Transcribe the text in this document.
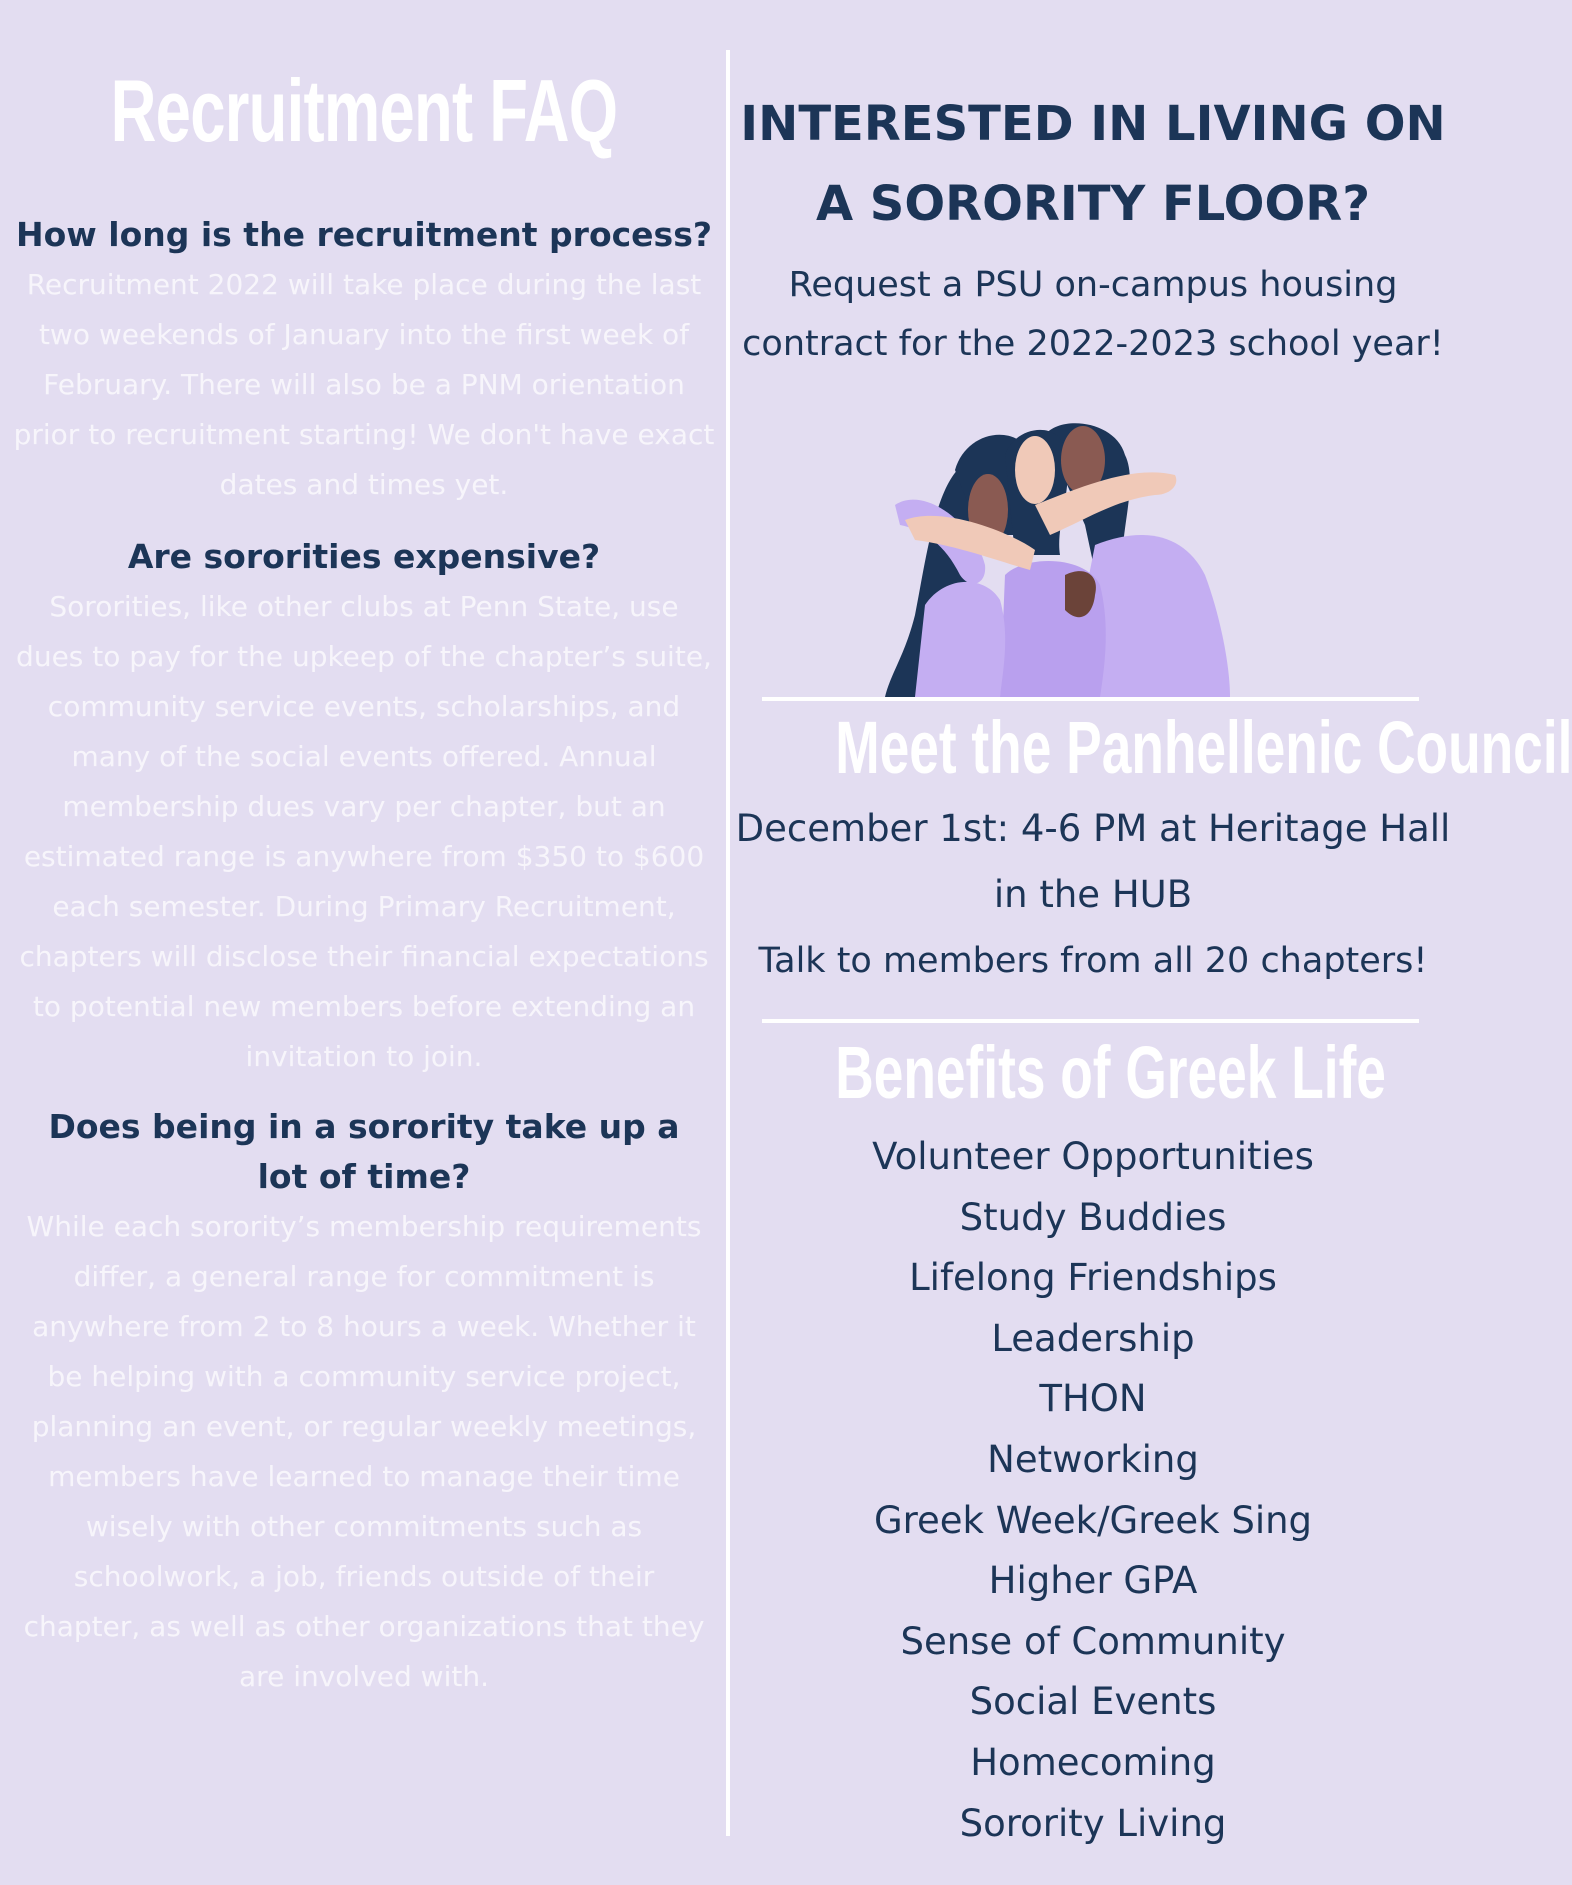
Recruitment FAQ

How long is the recruitment process?

Recruitment 2022 will take place during the last two weekends of January into the first week of February. There will also be a PNM orientation prior to recruitment starting! We don't have exact dates and times yet.

Are sororities expensive?

Sororities, like other clubs at Penn State, use dues to pay for the upkeep of the chapter’s suite, community service events, scholarships, and many of the social events offered. Annual membership dues vary per chapter, but an estimated range is anywhere from $350 to $600 each semester. During Primary Recruitment, chapters will disclose their financial expectations to potential new members before extending an invitation to join.

Does being in a sorority take up a lot of time?

While each sorority’s membership requirements differ, a general range for commitment is anywhere from 2 to 8 hours a week. Whether it be helping with a community service project, planning an event, or regular weekly meetings, members have learned to manage their time wisely with other commitments such as schoolwork, a job, friends outside of their chapter, as well as other organizations that they are involved with.

INTERESTED IN LIVING ON
A SORORITY FLOOR?

Request a PSU on-campus housing contract for the 2022-2023 school year!

Meet the Panhellenic Council

December 1st: 4-6 PM at Heritage Hall in the HUB

Talk to members from all 20 chapters!

Benefits of Greek Life
Volunteer Opportunities
Study Buddies
Lifelong Friendships
Leadership
THON
Networking
Greek Week/Greek Sing
Higher GPA
Sense of Community
Social Events
Homecoming
Sorority Living
